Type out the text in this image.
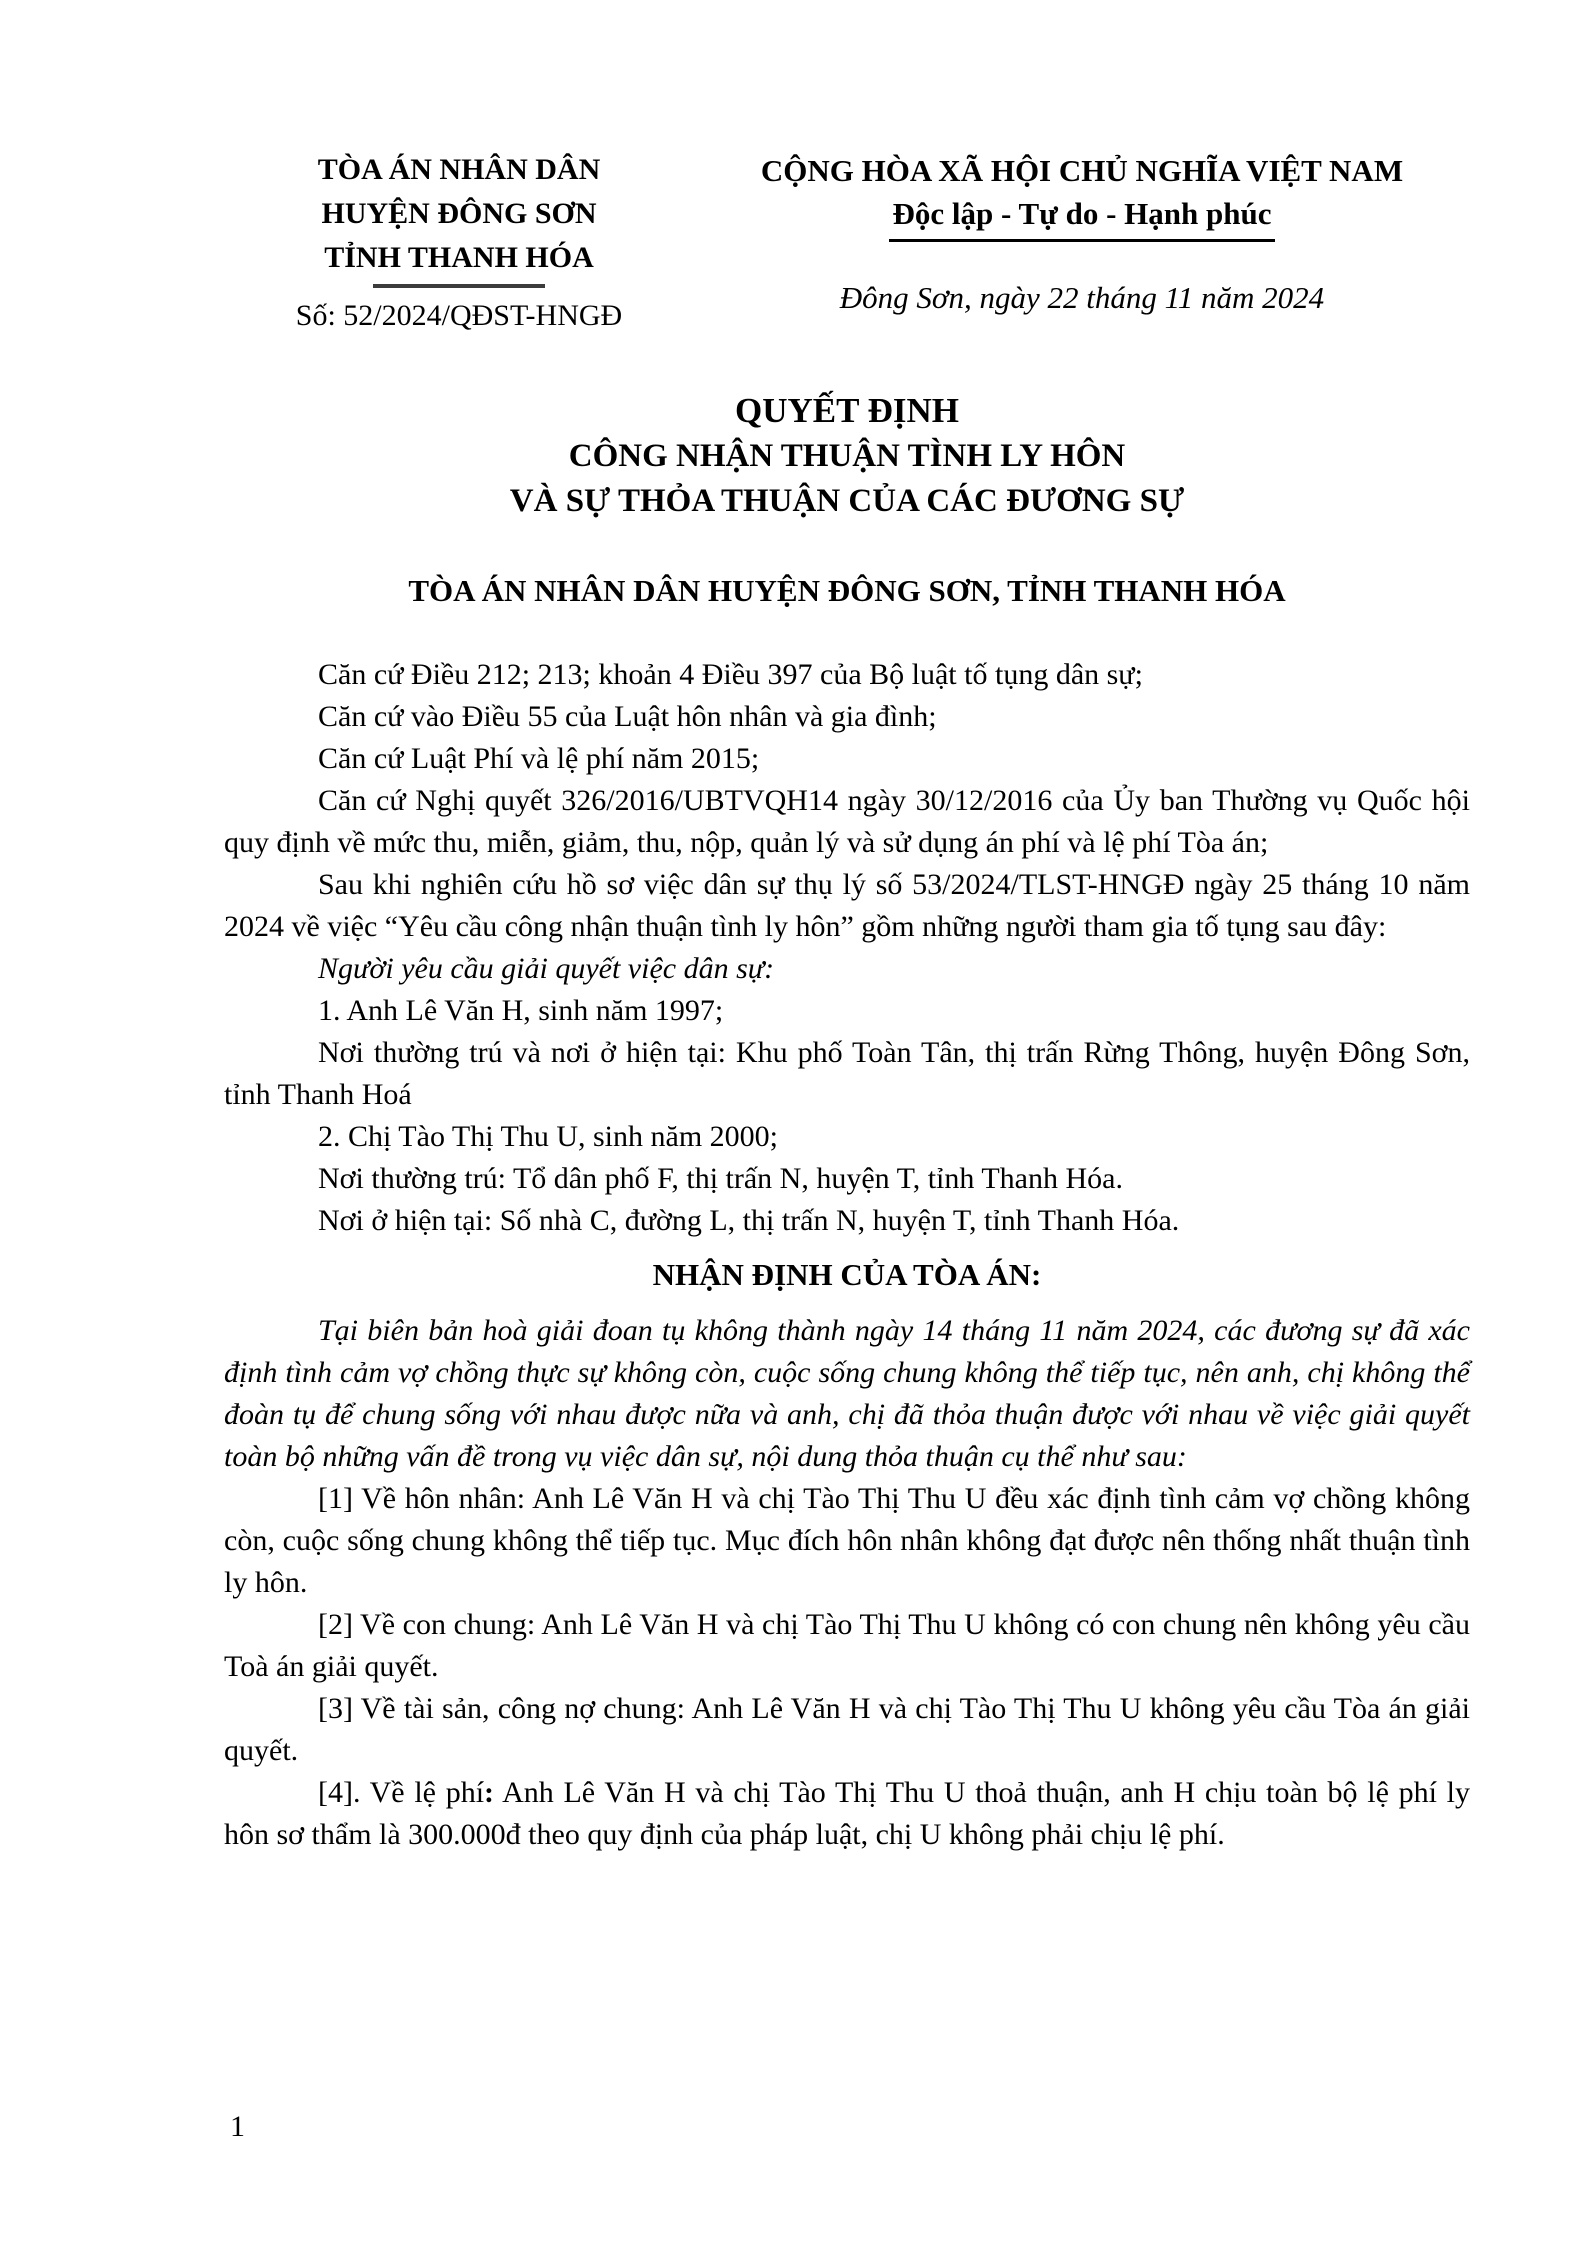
TÒA ÁN NHÂN DÂN
HUYỆN ĐÔNG SƠN
TỈNH THANH HÓA
Số: 52/2024/QĐST-HNGĐ
CỘNG HÒA XÃ HỘI CHỦ NGHĨA VIỆT NAM
Độc lập - Tự do - Hạnh phúc
Đông Sơn, ngày 22 tháng 11 năm 2024
QUYẾT ĐỊNH
CÔNG NHẬN THUẬN TÌNH LY HÔN
VÀ SỰ THỎA THUẬN CỦA CÁC ĐƯƠNG SỰ
TÒA ÁN NHÂN DÂN HUYỆN ĐÔNG SƠN, TỈNH THANH HÓA

Căn cứ Điều 212; 213; khoản 4 Điều 397 của Bộ luật tố tụng dân sự;

Căn cứ vào Điều 55 của Luật hôn nhân và gia đình;

Căn cứ Luật Phí và lệ phí năm 2015;

Căn cứ Nghị quyết 326/2016/UBTVQH14 ngày 30/12/2016 của Ủy ban Thường vụ Quốc hội quy định về mức thu, miễn, giảm, thu, nộp, quản lý và sử dụng án phí và lệ phí Tòa án;

Sau khi nghiên cứu hồ sơ việc dân sự thụ lý số 53/2024/TLST-HNGĐ ngày 25 tháng 10 năm 2024 về việc “Yêu cầu công nhận thuận tình ly hôn” gồm những người tham gia tố tụng sau đây:

Người yêu cầu giải quyết việc dân sự:

1. Anh Lê Văn H, sinh năm 1997;

Nơi thường trú và nơi ở hiện tại: Khu phố Toàn Tân, thị trấn Rừng Thông, huyện Đông Sơn, tỉnh Thanh Hoá

2. Chị Tào Thị Thu U, sinh năm 2000;

Nơi thường trú: Tổ dân phố F, thị trấn N, huyện T, tỉnh Thanh Hóa.

Nơi ở hiện tại: Số nhà C, đường L, thị trấn N, huyện T, tỉnh Thanh Hóa.

NHẬN ĐỊNH CỦA TÒA ÁN:

Tại biên bản hoà giải đoan tụ không thành ngày 14 tháng 11 năm 2024, các đương sự đã xác định tình cảm vợ chồng thực sự không còn, cuộc sống chung không thể tiếp tục, nên anh, chị không thể đoàn tụ để chung sống với nhau được nữa và anh, chị đã thỏa thuận được với nhau về việc giải quyết toàn bộ những vấn đề trong vụ việc dân sự, nội dung thỏa thuận cụ thể như sau:

[1] Về hôn nhân: Anh Lê Văn H và chị Tào Thị Thu U đều xác định tình cảm vợ chồng không còn, cuộc sống chung không thể tiếp tục. Mục đích hôn nhân không đạt được nên thống nhất thuận tình ly hôn.

[2] Về con chung: Anh Lê Văn H và chị Tào Thị Thu U không có con chung nên không yêu cầu Toà án giải quyết.

[3] Về tài sản, công nợ chung: Anh Lê Văn H và chị Tào Thị Thu U không yêu cầu Tòa án giải quyết.

[4]. Về lệ phí: Anh Lê Văn H và chị Tào Thị Thu U thoả thuận, anh H chịu toàn bộ lệ phí ly hôn sơ thẩm là 300.000đ theo quy định của pháp luật, chị U không phải chịu lệ phí.

1
